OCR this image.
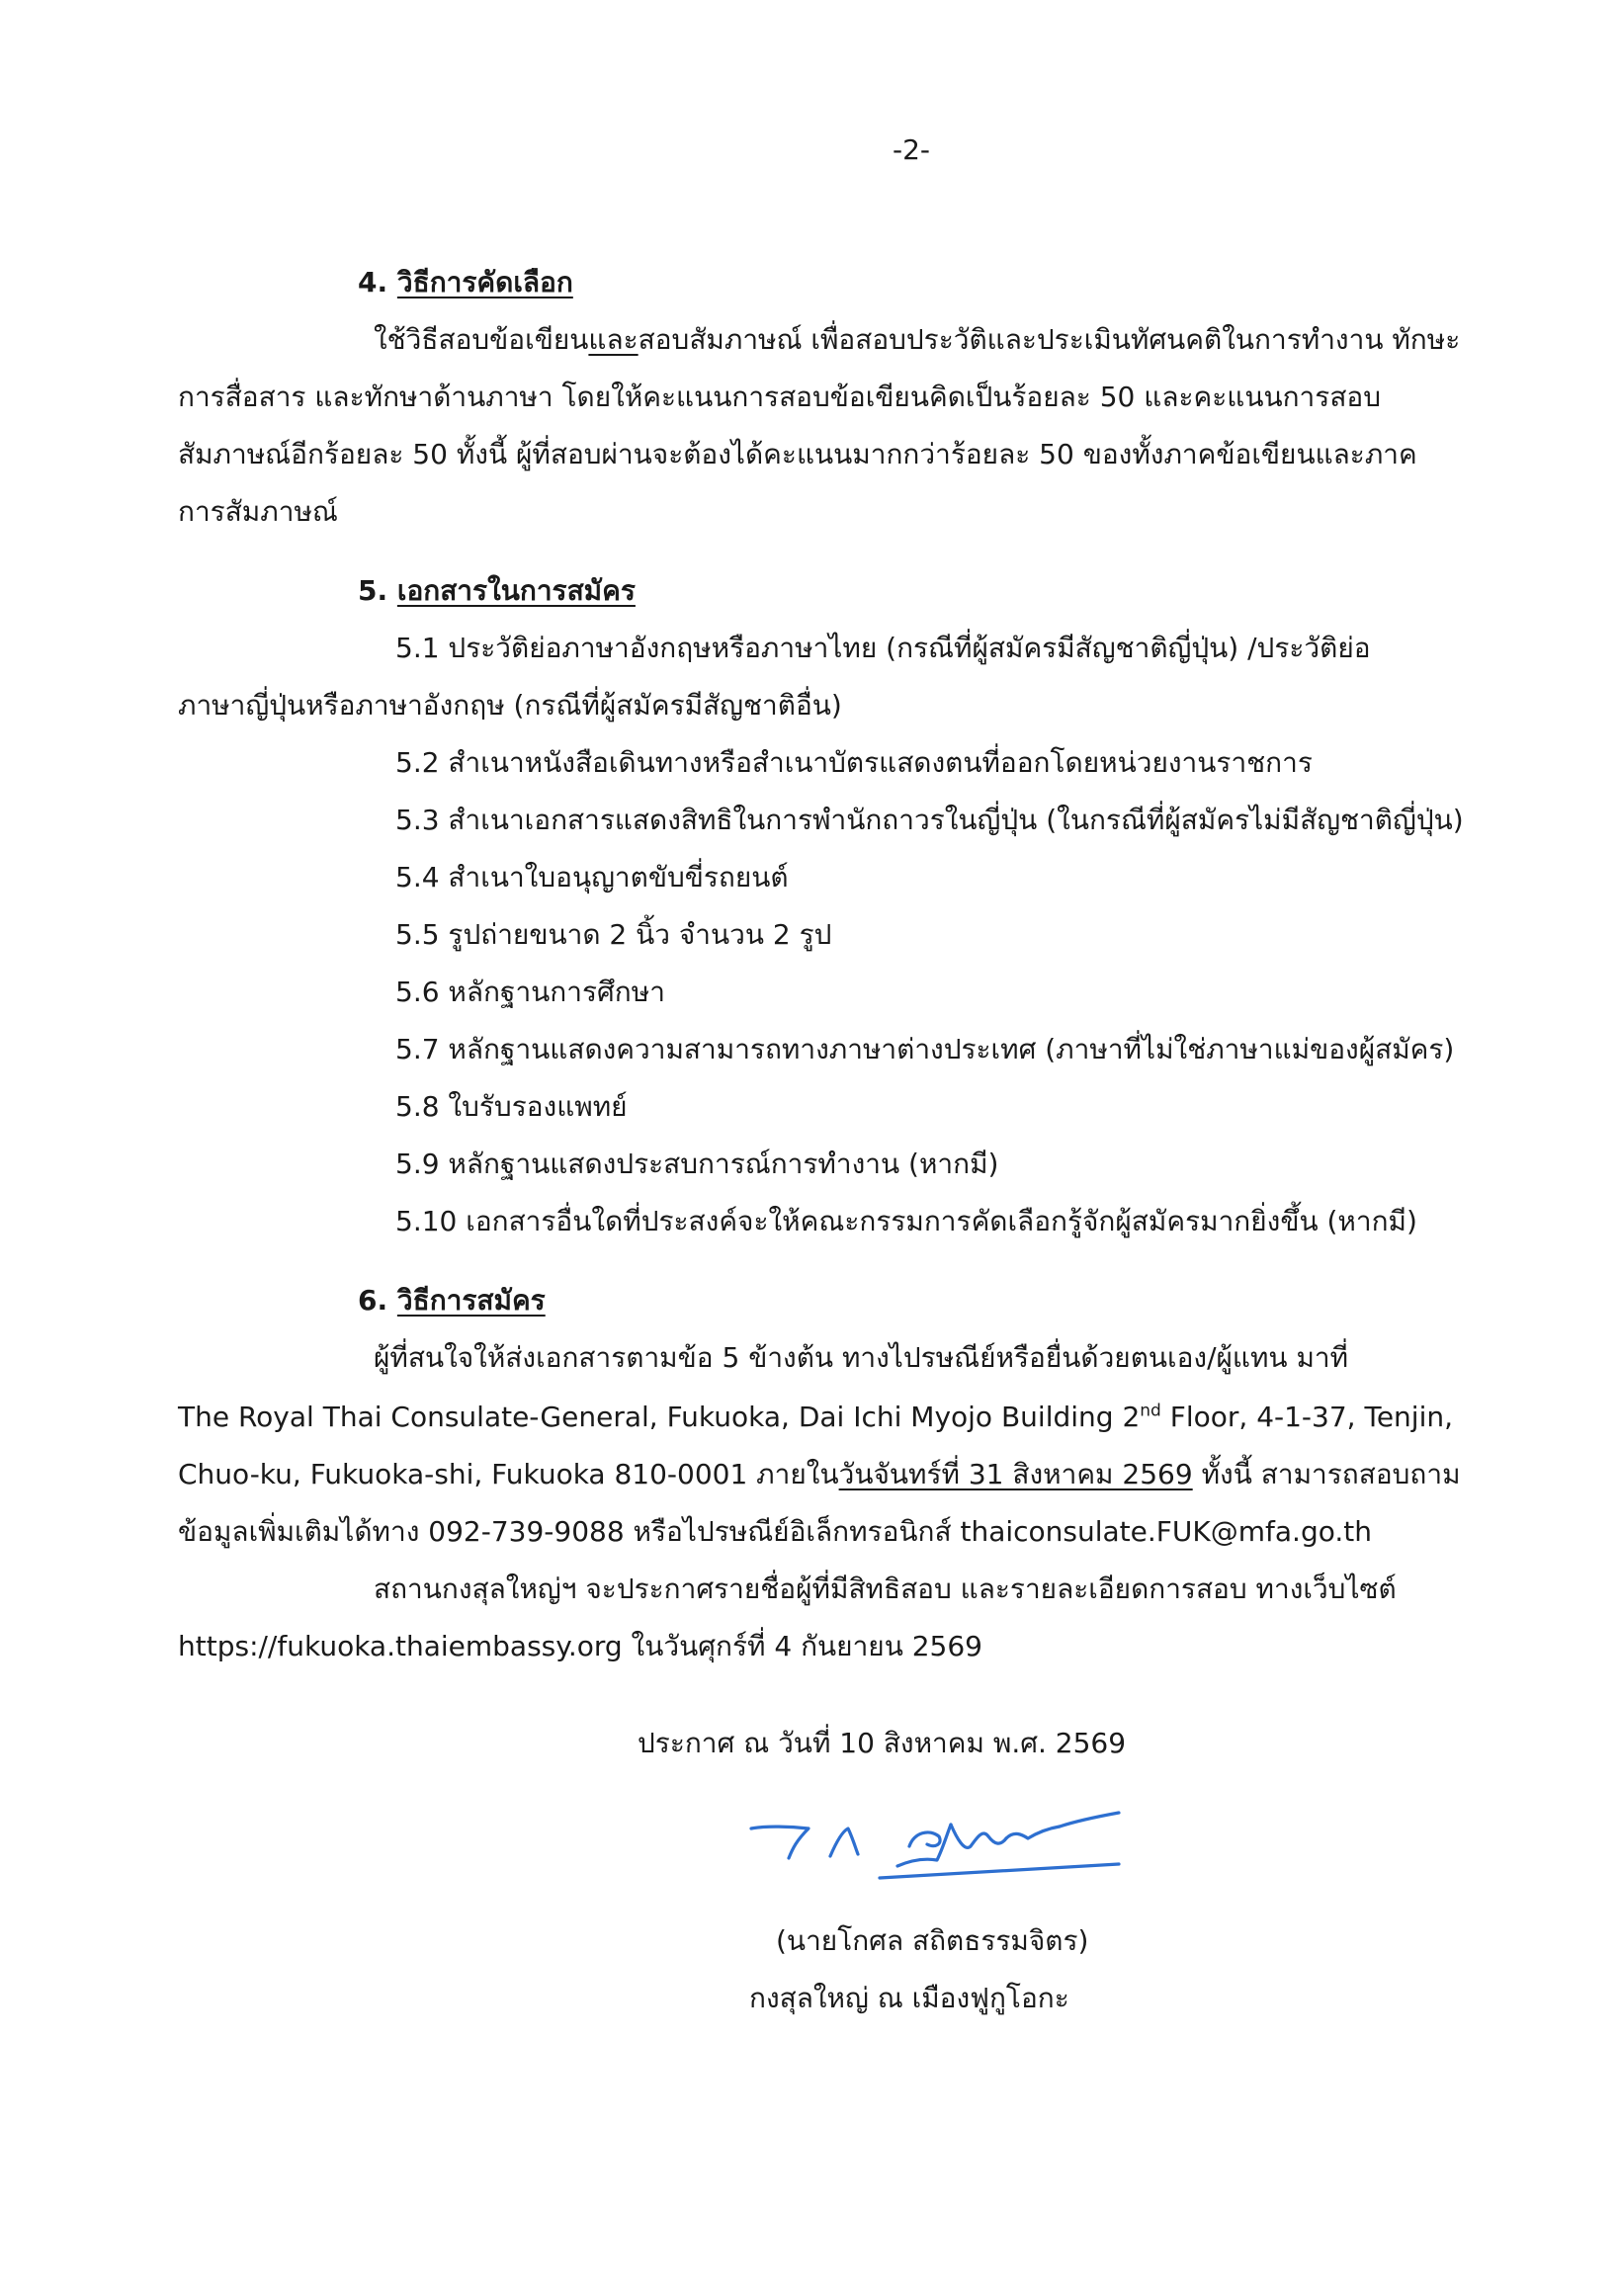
-2-
4. วิธีการคัดเลือก
ใช้วิธีสอบข้อเขียนและสอบสัมภาษณ์ เพื่อสอบประวัติและประเมินทัศนคติในการทำงาน ทักษะ
การสื่อสาร และทักษาด้านภาษา โดยให้คะแนนการสอบข้อเขียนคิดเป็นร้อยละ 50 และคะแนนการสอบ
สัมภาษณ์อีกร้อยละ 50 ทั้งนี้ ผู้ที่สอบผ่านจะต้องได้คะแนนมากกว่าร้อยละ 50 ของทั้งภาคข้อเขียนและภาค
การสัมภาษณ์
5. เอกสารในการสมัคร
5.1 ประวัติย่อภาษาอังกฤษหรือภาษาไทย (กรณีที่ผู้สมัครมีสัญชาติญี่ปุ่น) /ประวัติย่อ
ภาษาญี่ปุ่นหรือภาษาอังกฤษ (กรณีที่ผู้สมัครมีสัญชาติอื่น)
5.2 สำเนาหนังสือเดินทางหรือสำเนาบัตรแสดงตนที่ออกโดยหน่วยงานราชการ
5.3 สำเนาเอกสารแสดงสิทธิในการพำนักถาวรในญี่ปุ่น (ในกรณีที่ผู้สมัครไม่มีสัญชาติญี่ปุ่น)
5.4 สำเนาใบอนุญาตขับขี่รถยนต์
5.5 รูปถ่ายขนาด 2 นิ้ว จำนวน 2 รูป
5.6 หลักฐานการศึกษา
5.7 หลักฐานแสดงความสามารถทางภาษาต่างประเทศ (ภาษาที่ไม่ใช่ภาษาแม่ของผู้สมัคร)
5.8 ใบรับรองแพทย์
5.9 หลักฐานแสดงประสบการณ์การทำงาน (หากมี)
5.10 เอกสารอื่นใดที่ประสงค์จะให้คณะกรรมการคัดเลือกรู้จักผู้สมัครมากยิ่งขึ้น (หากมี)
6. วิธีการสมัคร
ผู้ที่สนใจให้ส่งเอกสารตามข้อ 5 ข้างต้น ทางไปรษณีย์หรือยื่นด้วยตนเอง/ผู้แทน มาที่
The Royal Thai Consulate-General, Fukuoka, Dai Ichi Myojo Building 2nd Floor, 4-1-37, Tenjin,
Chuo-ku, Fukuoka-shi, Fukuoka 810-0001 ภายในวันจันทร์ที่ 31 สิงหาคม 2569 ทั้งนี้ สามารถสอบถาม
ข้อมูลเพิ่มเติมได้ทาง 092-739-9088 หรือไปรษณีย์อิเล็กทรอนิกส์ thaiconsulate.FUK@mfa.go.th
สถานกงสุลใหญ่ฯ จะประกาศรายชื่อผู้ที่มีสิทธิสอบ และรายละเอียดการสอบ ทางเว็บไซต์
https://fukuoka.thaiembassy.org ในวันศุกร์ที่ 4 กันยายน 2569
ประกาศ ณ วันที่ 10 สิงหาคม พ.ศ. 2569
(นายโกศล สถิตธรรมจิตร)
กงสุลใหญ่ ณ เมืองฟูกูโอกะ
